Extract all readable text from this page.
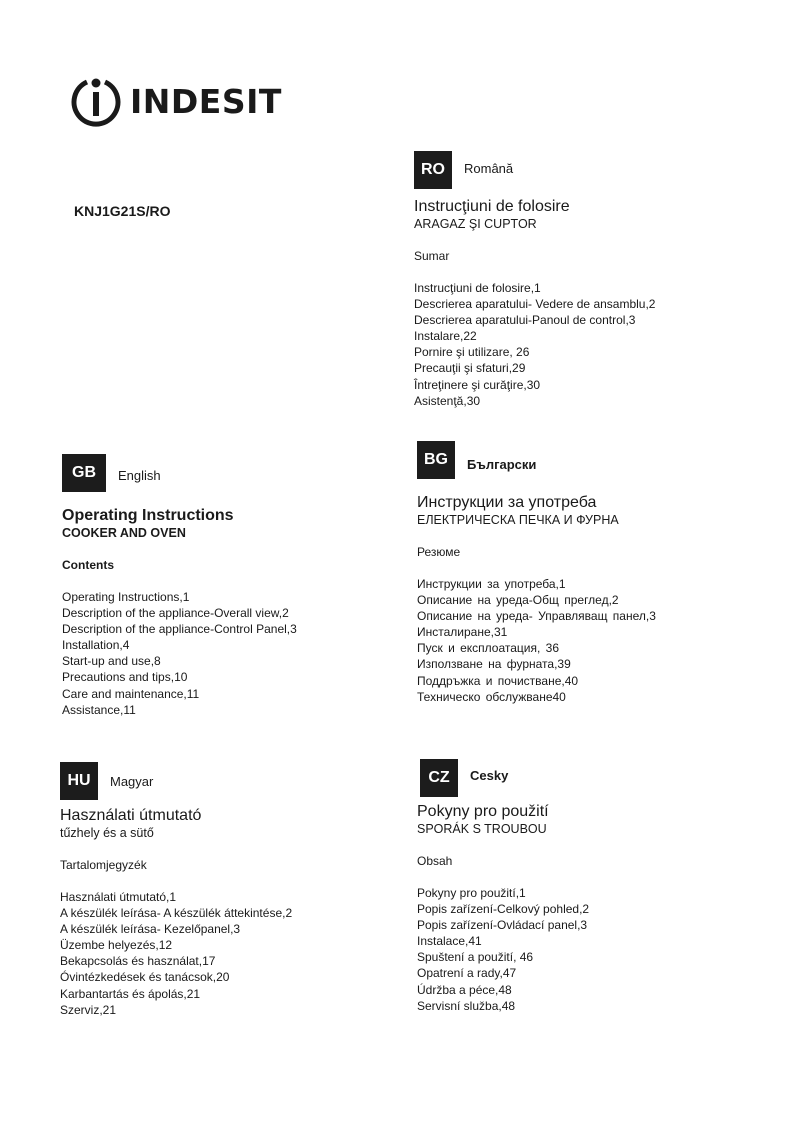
INDESIT
KNJ1G21S/RO
RO	Română
Instrucţiuni de folosire
ARAGAZ ŞI CUPTOR
Sumar
Instrucţiuni de folosire,1
Descrierea aparatului- Vedere de ansamblu,2
Descrierea aparatului-Panoul de control,3
Instalare,22
Pornire şi utilizare, 26
Precauţii şi sfaturi,29
Întreţinere şi curăţire,30
Asistenţă,30
GB	English
Operating Instructions
COOKER AND OVEN
Contents
Operating Instructions,1
Description of the appliance-Overall view,2
Description of the appliance-Control Panel,3
Installation,4
Start-up and use,8
Precautions and tips,10
Care and maintenance,11
Assistance,11
BG	Български
Инструкции за употреба
ЕЛЕКТРИЧЕСКА ПЕЧКА И ФУРНА
Резюме
Инструкции за употреба,1
Описание на уреда-Общ преглед,2
Описание на уреда- Управляващ панел,3
Инсталиране,31
Пуск и експлоатация, 36
Използване на фурната,39
Поддръжка и почистване,40
Техническо обслужване40
HU	Magyar
Használati útmutató
tűzhely és a sütő
Tartalomjegyzék
Használati útmutató,1
A készülék leírása- A készülék áttekintése,2
A készülék leírása- Kezelőpanel,3
Üzembe helyezés,12
Bekapcsolás és használat,17
Óvintézkedések és tanácsok,20
Karbantartás és ápolás,21
Szerviz,21
CZ	Cesky
Pokyny pro použití
SPORÁK S TROUBOU
Obsah
Pokyny pro použití,1
Popis zařízení-Celkový pohled,2
Popis zařízení-Ovládací panel,3
Instalace,41
Spuštení a použití, 46
Opatrení a rady,47
Údržba a péce,48
Servisní služba,48
